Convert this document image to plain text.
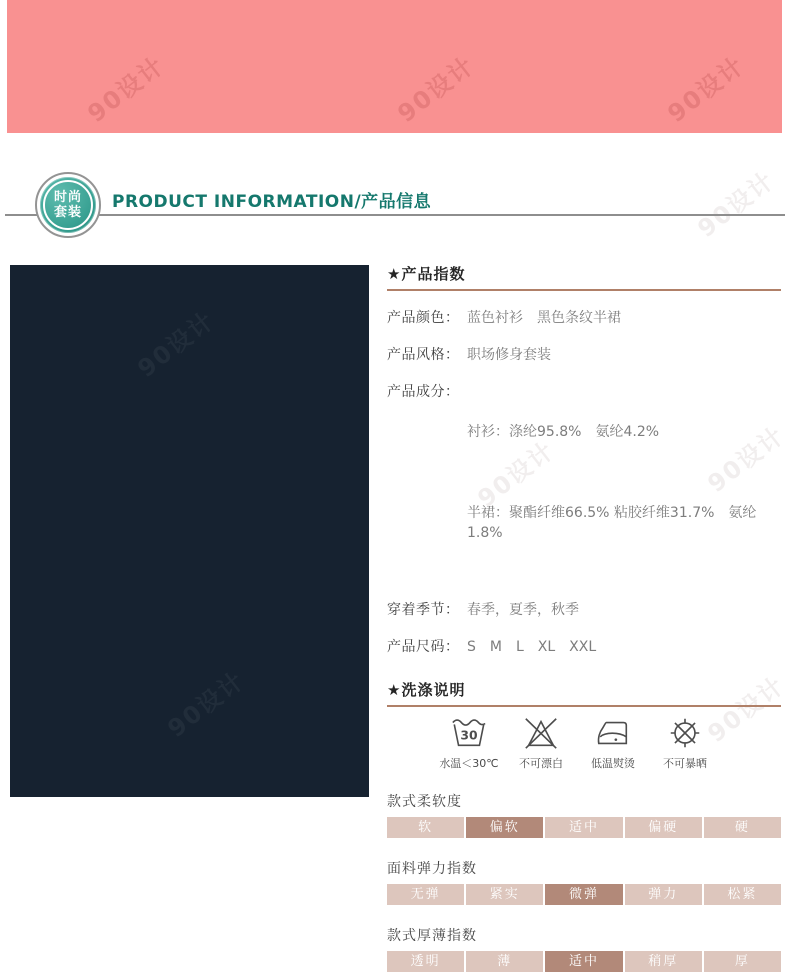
90设计	90设计	90设计
90设计
90设计	90设计
90设计
时尚
套装
PRODUCT INFORMATION/产品信息
90设计
90设计
★产品指数
产品颜色： 蓝色衬衫　黑色条纹半裙
产品风格： 职场修身套装
产品成分：

衬衫：涤纶95.8%　氨纶4.2%

半裙：聚酯纤维66.5% 粘胶纤维31.7%　氨纶1.8%

穿着季节： 春季，夏季，秋季
产品尺码： S　M　L　XL　XXL
★洗涤说明
30
水温＜30℃ 不可漂白	低温熨烫	不可暴晒
款式柔软度
软	偏软	适中	偏硬	硬
面料弹力指数
无弹	紧实	微弹	弹力	松紧
款式厚薄指数
透明	薄	适中	稍厚	厚
